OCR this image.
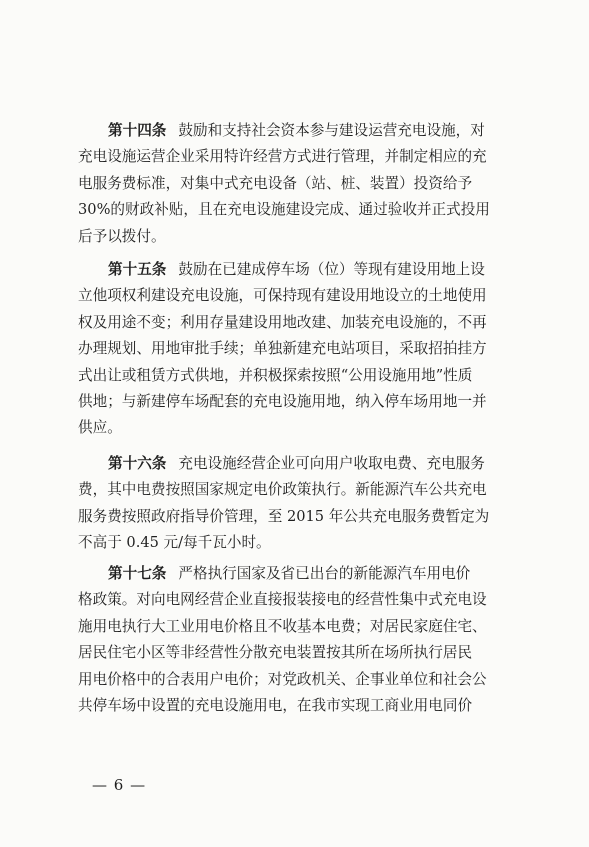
第十四条 鼓励和支持社会资本参与建设运营充电设施，对
充电设施运营企业采用特许经营方式进行管理，并制定相应的充
电服务费标准，对集中式充电设备（站、桩、装置）投资给予
30%的财政补贴，且在充电设施建设完成、通过验收并正式投用
后予以拨付。
第十五条 鼓励在已建成停车场（位）等现有建设用地上设
立他项权利建设充电设施，可保持现有建设用地设立的土地使用
权及用途不变；利用存量建设用地改建、加装充电设施的，不再
办理规划、用地审批手续；单独新建充电站项目，采取招拍挂方
式出让或租赁方式供地，并积极探索按照“公用设施用地”性质
供地；与新建停车场配套的充电设施用地，纳入停车场用地一并
供应。
第十六条 充电设施经营企业可向用户收取电费、充电服务
费，其中电费按照国家规定电价政策执行。新能源汽车公共充电
服务费按照政府指导价管理，至 2015 年公共充电服务费暂定为
不高于 0.45 元/每千瓦小时。
第十七条 严格执行国家及省已出台的新能源汽车用电价
格政策。对向电网经营企业直接报装接电的经营性集中式充电设
施用电执行大工业用电价格且不收基本电费；对居民家庭住宅、
居民住宅小区等非经营性分散充电装置按其所在场所执行居民
用电价格中的合表用户电价；对党政机关、企事业单位和社会公
共停车场中设置的充电设施用电，在我市实现工商业用电同价
— 6 —
